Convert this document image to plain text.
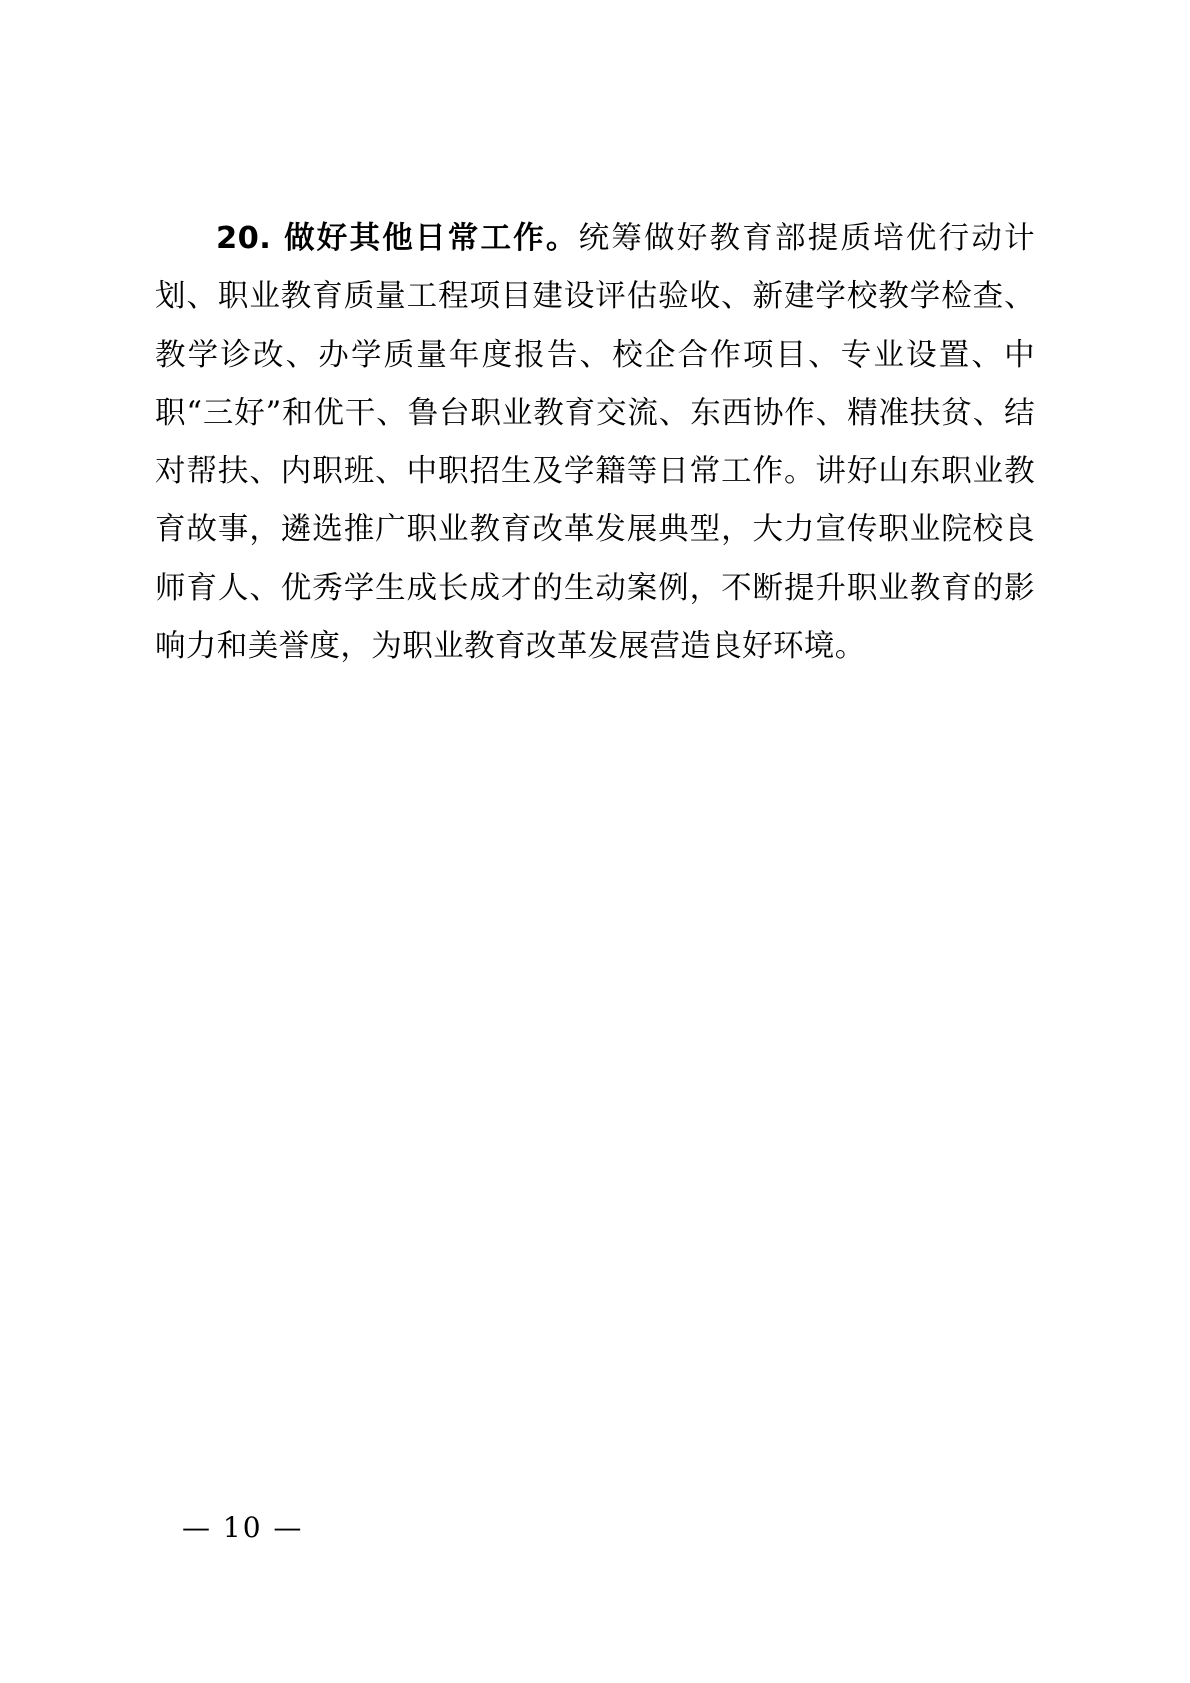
20. 做好其他日常工作。统筹做好教育部提质培优行动计划、职业教育质量工程项目建设评估验收、新建学校教学检查、教学诊改、办学质量年度报告、校企合作项目、专业设置、中职“三好”和优干、鲁台职业教育交流、东西协作、精准扶贫、结对帮扶、内职班、中职招生及学籍等日常工作。讲好山东职业教育故事，遴选推广职业教育改革发展典型，大力宣传职业院校良师育人、优秀学生成长成才的生动案例，不断提升职业教育的影响力和美誉度，为职业教育改革发展营造良好环境。

— 10 —
